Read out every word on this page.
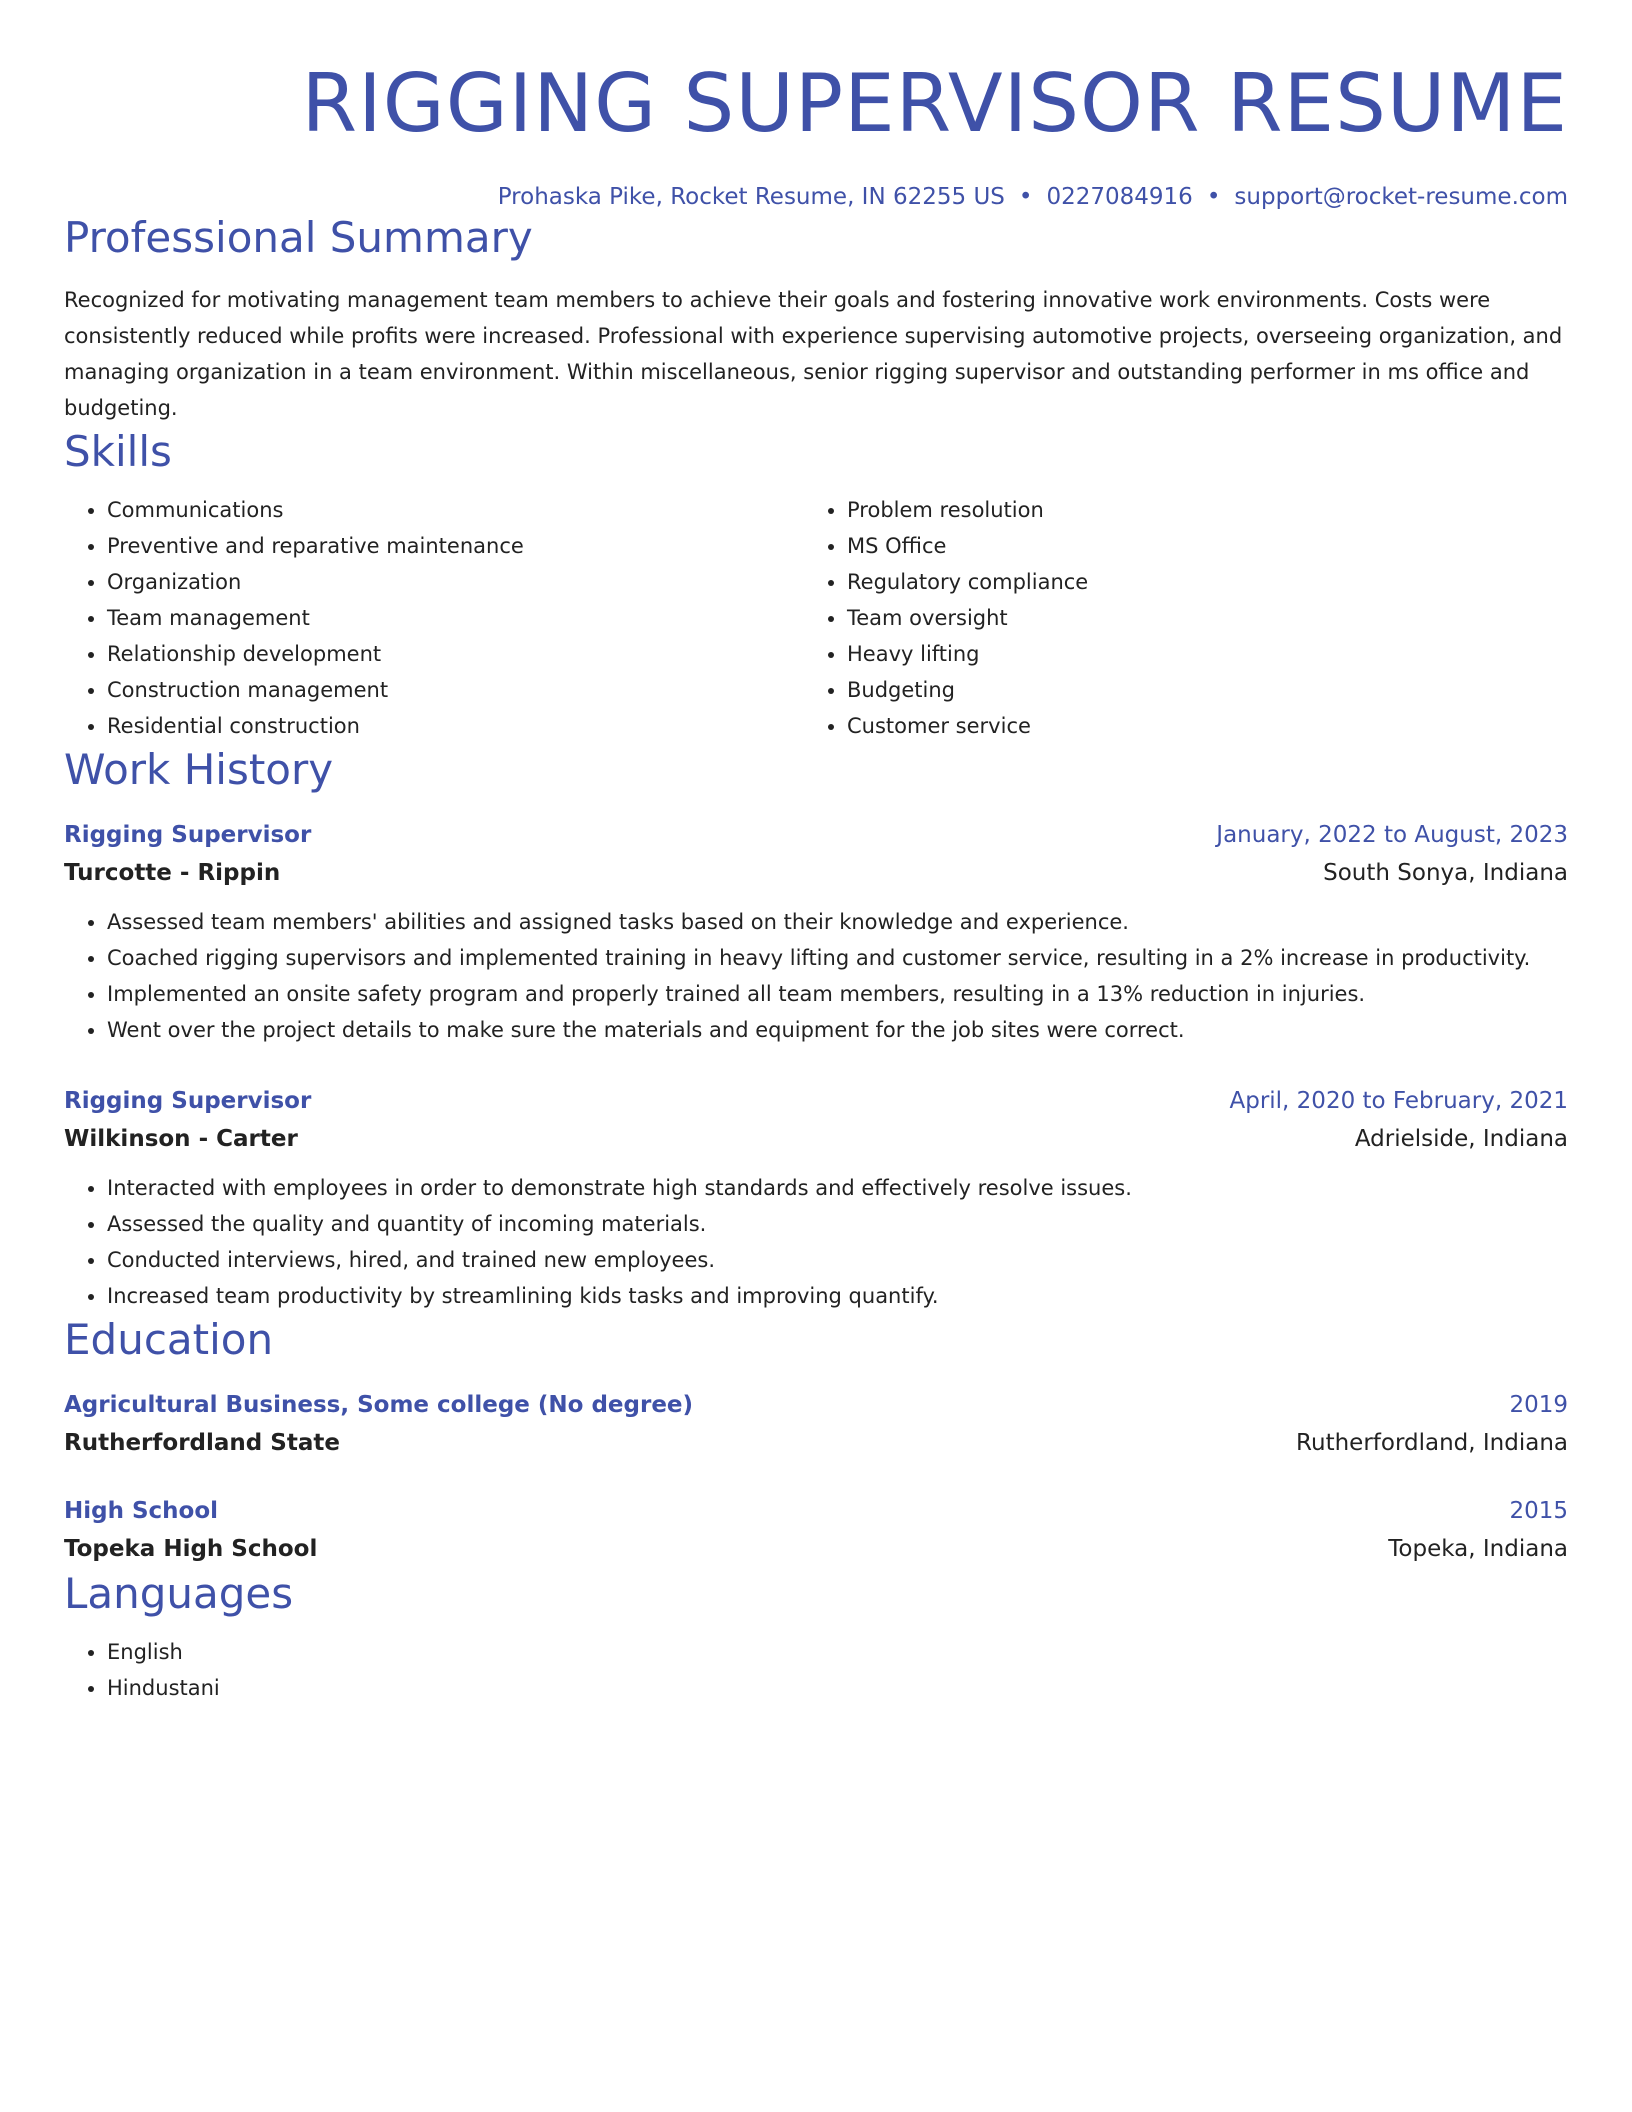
RIGGING SUPERVISOR RESUME
Prohaska Pike, Rocket Resume, IN 62255 US • 0227084916 • support@rocket-resume.com
Professional Summary

Recognized for motivating management team members to achieve their goals and fostering innovative work environments. Costs were consistently reduced while profits were increased. Professional with experience supervising automotive projects, overseeing organization, and managing organization in a team environment. Within miscellaneous, senior rigging supervisor and outstanding performer in ms office and budgeting.

Skills
• Communications
• Preventive and reparative maintenance
• Organization
• Team management
• Relationship development
• Construction management
• Residential construction
• Problem resolution
• MS Office
• Regulatory compliance
• Team oversight
• Heavy lifting
• Budgeting
• Customer service
Work History
Rigging Supervisor	January, 2022 to August, 2023
Turcotte - Rippin	South Sonya, Indiana
• Assessed team members' abilities and assigned tasks based on their knowledge and experience.
• Coached rigging supervisors and implemented training in heavy lifting and customer service, resulting in a 2% increase in productivity.
• Implemented an onsite safety program and properly trained all team members, resulting in a 13% reduction in injuries.
• Went over the project details to make sure the materials and equipment for the job sites were correct.
Rigging Supervisor	April, 2020 to February, 2021
Wilkinson - Carter	Adrielside, Indiana
• Interacted with employees in order to demonstrate high standards and effectively resolve issues.
• Assessed the quality and quantity of incoming materials.
• Conducted interviews, hired, and trained new employees.
• Increased team productivity by streamlining kids tasks and improving quantify.
Education
Agricultural Business, Some college (No degree)	2019
Rutherfordland State	Rutherfordland, Indiana
High School	2015
Topeka High School	Topeka, Indiana
Languages
• English
• Hindustani
